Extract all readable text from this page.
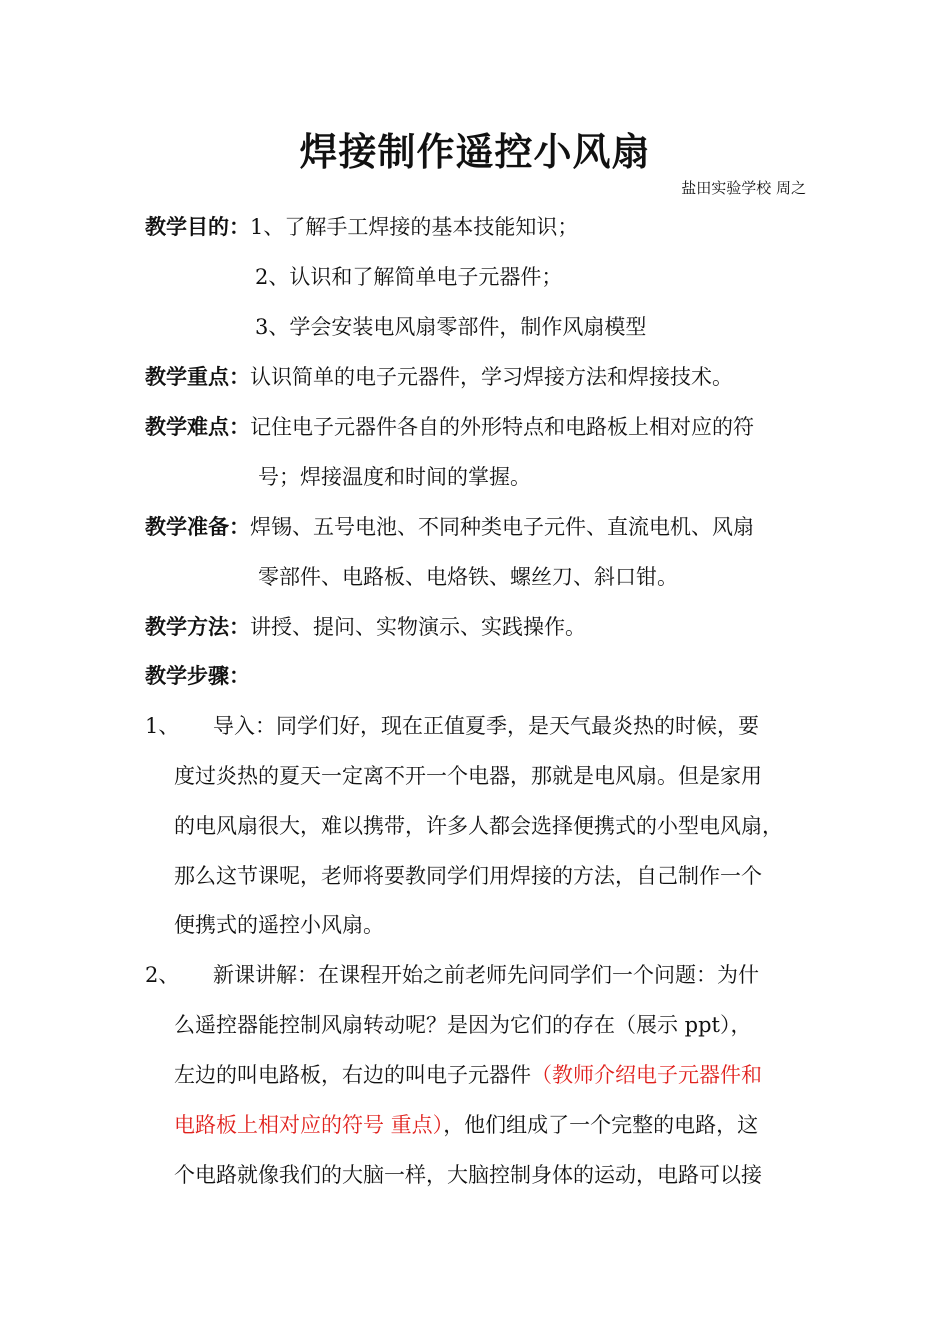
焊接制作遥控小风扇
盐田实验学校 周之
教学目的：1、了解手工焊接的基本技能知识；
2、认识和了解简单电子元器件；
3、学会安装电风扇零部件，制作风扇模型
教学重点：认识简单的电子元器件，学习焊接方法和焊接技术。
教学难点：记住电子元器件各自的外形特点和电路板上相对应的符
号；焊接温度和时间的掌握。
教学准备：焊锡、五号电池、不同种类电子元件、直流电机、风扇
零部件、电路板、电烙铁、螺丝刀、斜口钳。
教学方法：讲授、提问、实物演示、实践操作。
教学步骤：
1、 导入：同学们好，现在正值夏季，是天气最炎热的时候，要
度过炎热的夏天一定离不开一个电器，那就是电风扇。但是家用
的电风扇很大，难以携带，许多人都会选择便携式的小型电风扇，
那么这节课呢，老师将要教同学们用焊接的方法，自己制作一个
便携式的遥控小风扇。
2、 新课讲解：在课程开始之前老师先问同学们一个问题：为什
么遥控器能控制风扇转动呢？是因为它们的存在（展示 ppt），
左边的叫电路板，右边的叫电子元器件（教师介绍电子元器件和
电路板上相对应的符号 重点），他们组成了一个完整的电路，这
个电路就像我们的大脑一样，大脑控制身体的运动，电路可以接
